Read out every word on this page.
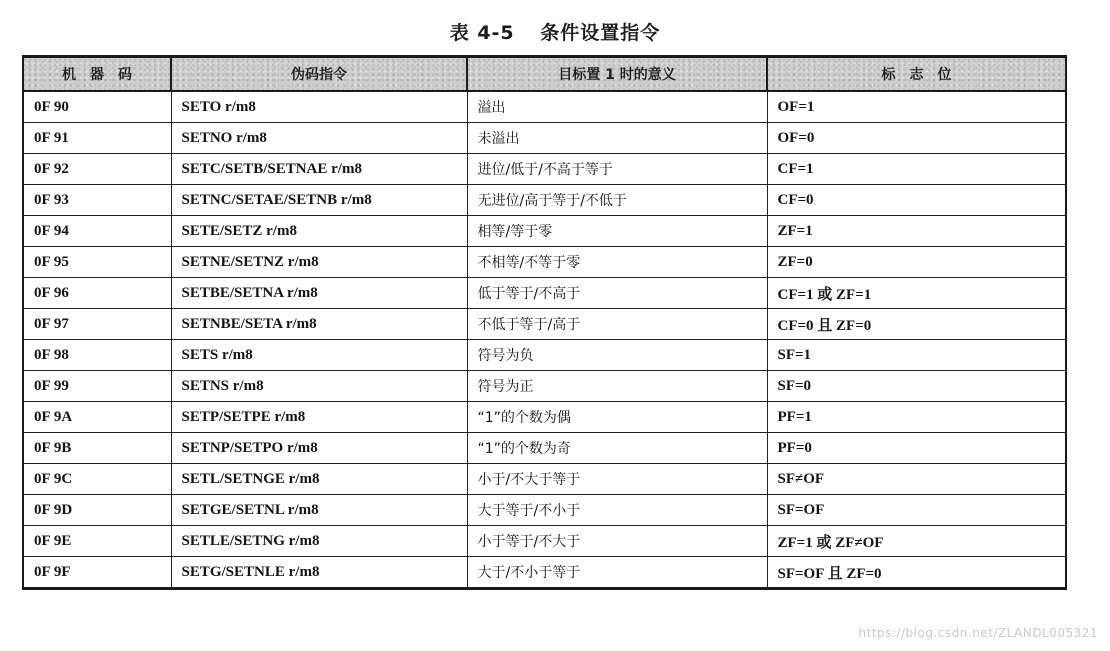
表 4-5 条件设置指令
机器码	伪码指令	目标置 1 时的意义	标志位
0F 90	SETO r/m8	溢出	OF=1
0F 91	SETNO r/m8	未溢出	OF=0
0F 92	SETC/SETB/SETNAE r/m8	进位/低于/不高于等于	CF=1
0F 93	SETNC/SETAE/SETNB r/m8	无进位/高于等于/不低于	CF=0
0F 94	SETE/SETZ r/m8	相等/等于零	ZF=1
0F 95	SETNE/SETNZ r/m8	不相等/不等于零	ZF=0
0F 96	SETBE/SETNA r/m8	低于等于/不高于	CF=1 或 ZF=1
0F 97	SETNBE/SETA r/m8	不低于等于/高于	CF=0 且 ZF=0
0F 98	SETS r/m8	符号为负	SF=1
0F 99	SETNS r/m8	符号为正	SF=0
0F 9A	SETP/SETPE r/m8	“1”的个数为偶	PF=1
0F 9B	SETNP/SETPO r/m8	“1”的个数为奇	PF=0
0F 9C	SETL/SETNGE r/m8	小于/不大于等于	SF≠OF
0F 9D	SETGE/SETNL r/m8	大于等于/不小于	SF=OF
0F 9E	SETLE/SETNG r/m8	小于等于/不大于	ZF=1 或 ZF≠OF
0F 9F	SETG/SETNLE r/m8	大于/不小于等于	SF=OF 且 ZF=0
https://blog.csdn.net/ZLANDL005321
